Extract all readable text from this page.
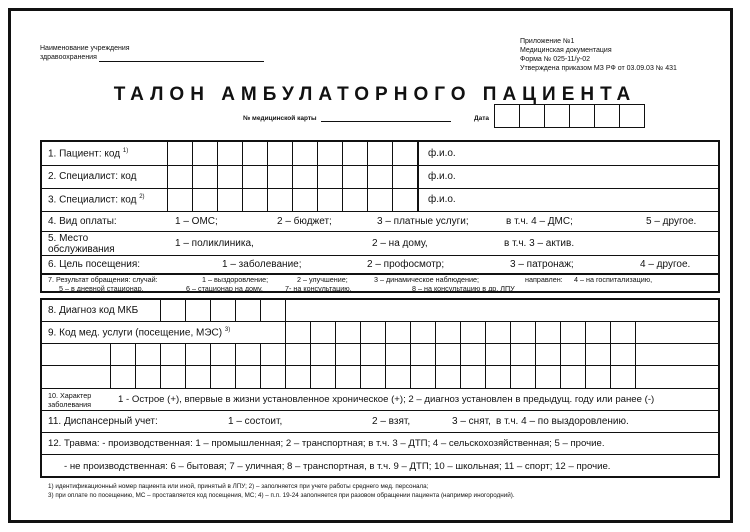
Наименование учреждения
здравоохранения
Приложение №1
Медицинская документация
Форма № 025-11/у-02
Утверждена приказом МЗ РФ от 03.09.03 № 431
ТАЛОН АМБУЛАТОРНОГО ПАЦИЕНТА
№ медицинской карты	Дата
1. Пациент: код $^{1)}$	ф.и.о.
2. Специалист: код	ф.и.о.
3. Специалист: код $^{2)}$	ф.и.о.
4. Вид оплаты:	1 – ОМС;	2 – бюджет;	3 – платные услуги;	в т.ч. 4 – ДМС;	5 – другое.
5. Место
обслуживания
1 – поликлиника,	2 – на дому,	в т.ч. 3 – актив.
6. Цель посещения:	1 – заболевание;	2 – профосмотр;	3 – патронаж;	4 – другое.
7. Результат обращения: случай:	1 – выздоровление;	2 – улучшение;	3 – динамическое наблюдение;	направлен: 4 – на госпитализацию,
5 – в дневной стационар,	6 – стационар на дому,	7- на консультацию,	8 – на консультацию в др. ЛПУ
8. Диагноз код МКБ
9. Код мед. услуги (посещение, МЭС) $^{3)}$
10. Характер
заболевания	1 - Острое (+), впервые в жизни установленное хроническое (+); 2 – диагноз установлен в предыдущ. году или ранее (-)
11. Диспансерный учет:	1 – состоит,	2 – взят,	3 – снят, в т.ч. 4 – по выздоровлению.
12. Травма: - производственная: 1 – промышленная; 2 – транспортная; в т.ч. 3 – ДТП; 4 – сельскохозяйственная; 5 – прочие.
- не производственная: 6 – бытовая; 7 – уличная; 8 – транспортная, в т.ч. 9 – ДТП; 10 – школьная; 11 – спорт; 12 – прочие.
1) идентификационный номер пациента или иной, принятый в ЛПУ; 2) – заполняется при учете работы среднего мед. персонала;
3) при оплате по посещению, МС – проставляется код посещения, МС; 4) – п.п. 19-24 заполняется при разовом обращении пациента (например иногородний).
